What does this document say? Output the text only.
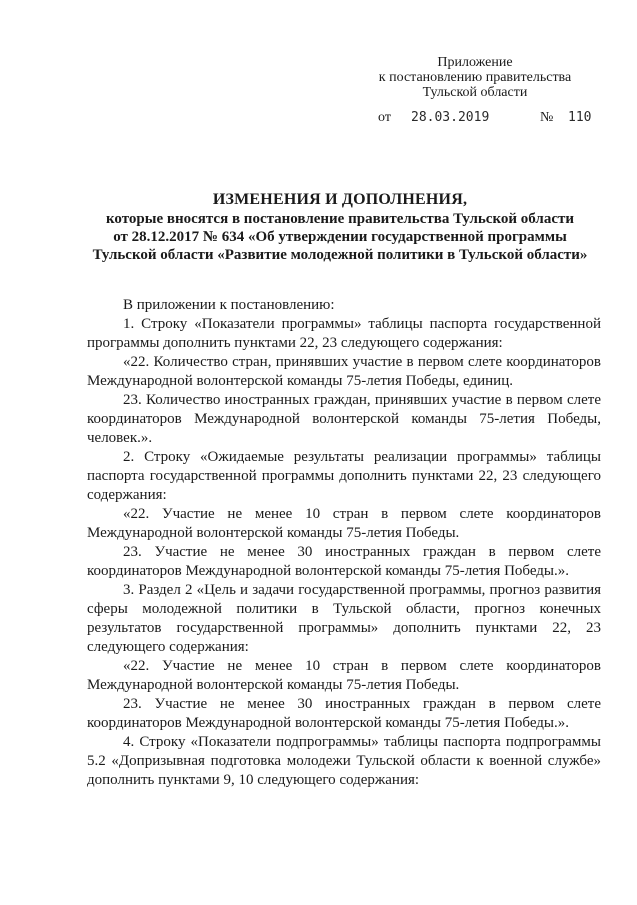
Приложение
к постановлению правительства
Тульской области
от 28.03.2019	№ 110
ИЗМЕНЕНИЯ И ДОПОЛНЕНИЯ,
которые вносятся в постановление правительства Тульской области
от 28.12.2017 № 634 «Об утверждении государственной программы
Тульской области «Развитие молодежной политики в Тульской области»

В приложении к постановлению:

1. Строку «Показатели программы» таблицы паспорта государственной программы дополнить пунктами 22, 23 следующего содержания:

«22. Количество стран, принявших участие в первом слете координаторов Международной волонтерской команды 75-летия Победы, единиц.

23. Количество иностранных граждан, принявших участие в первом слете координаторов Международной волонтерской команды 75-летия Победы, человек.».

2. Строку «Ожидаемые результаты реализации программы» таблицы паспорта государственной программы дополнить пунктами 22, 23 следующего содержания:

«22. Участие не менее 10 стран в первом слете координаторов Международной волонтерской команды 75-летия Победы.

23. Участие не менее 30 иностранных граждан в первом слете координаторов Международной волонтерской команды 75-летия Победы.».

3. Раздел 2 «Цель и задачи государственной программы, прогноз развития сферы молодежной политики в Тульской области, прогноз конечных результатов государственной программы» дополнить пунктами 22, 23 следующего содержания:

«22. Участие не менее 10 стран в первом слете координаторов Международной волонтерской команды 75-летия Победы.

23. Участие не менее 30 иностранных граждан в первом слете координаторов Международной волонтерской команды 75-летия Победы.».

4. Строку «Показатели подпрограммы» таблицы паспорта подпрограммы 5.2 «Допризывная подготовка молодежи Тульской области к военной службе» дополнить пунктами 9, 10 следующего содержания:
